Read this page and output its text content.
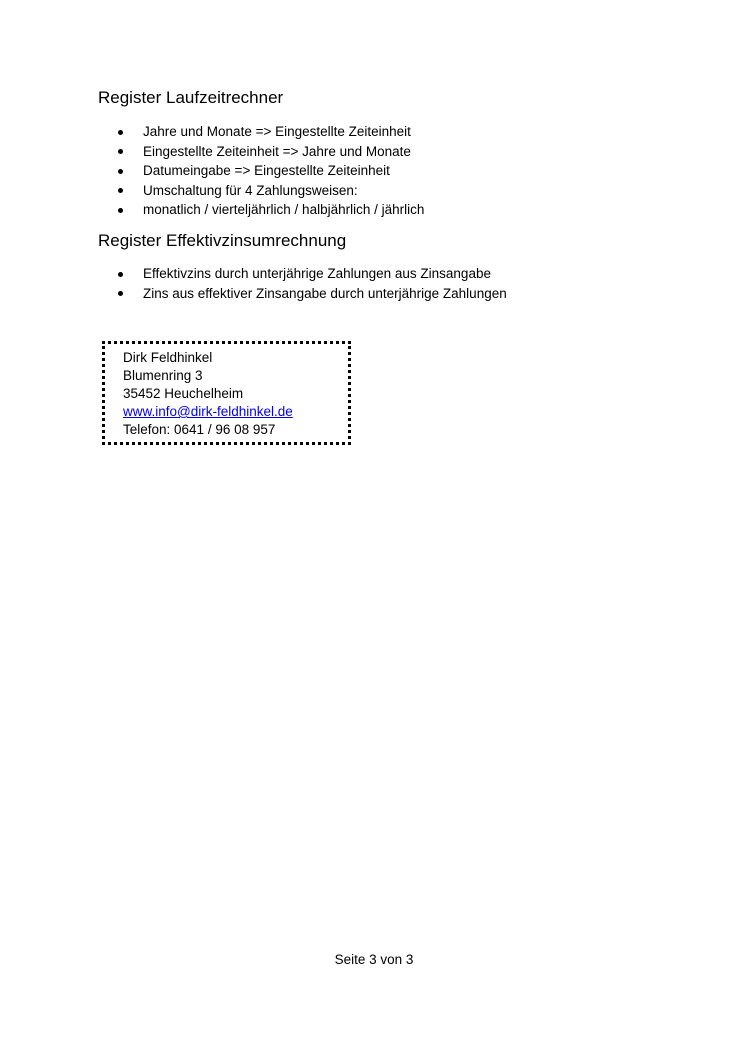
Register Laufzeitrechner
Jahre und Monate => Eingestellte Zeiteinheit
Eingestellte Zeiteinheit => Jahre und Monate
Datumeingabe => Eingestellte Zeiteinheit
Umschaltung für 4 Zahlungsweisen:
monatlich / vierteljährlich / halbjährlich / jährlich
Register Effektivzinsumrechnung
Effektivzins durch unterjährige Zahlungen aus Zinsangabe
Zins aus effektiver Zinsangabe durch unterjährige Zahlungen
Dirk Feldhinkel
Blumenring 3
35452 Heuchelheim
www.info@dirk-feldhinkel.de
Telefon: 0641 / 96 08 957
Seite 3 von 3
